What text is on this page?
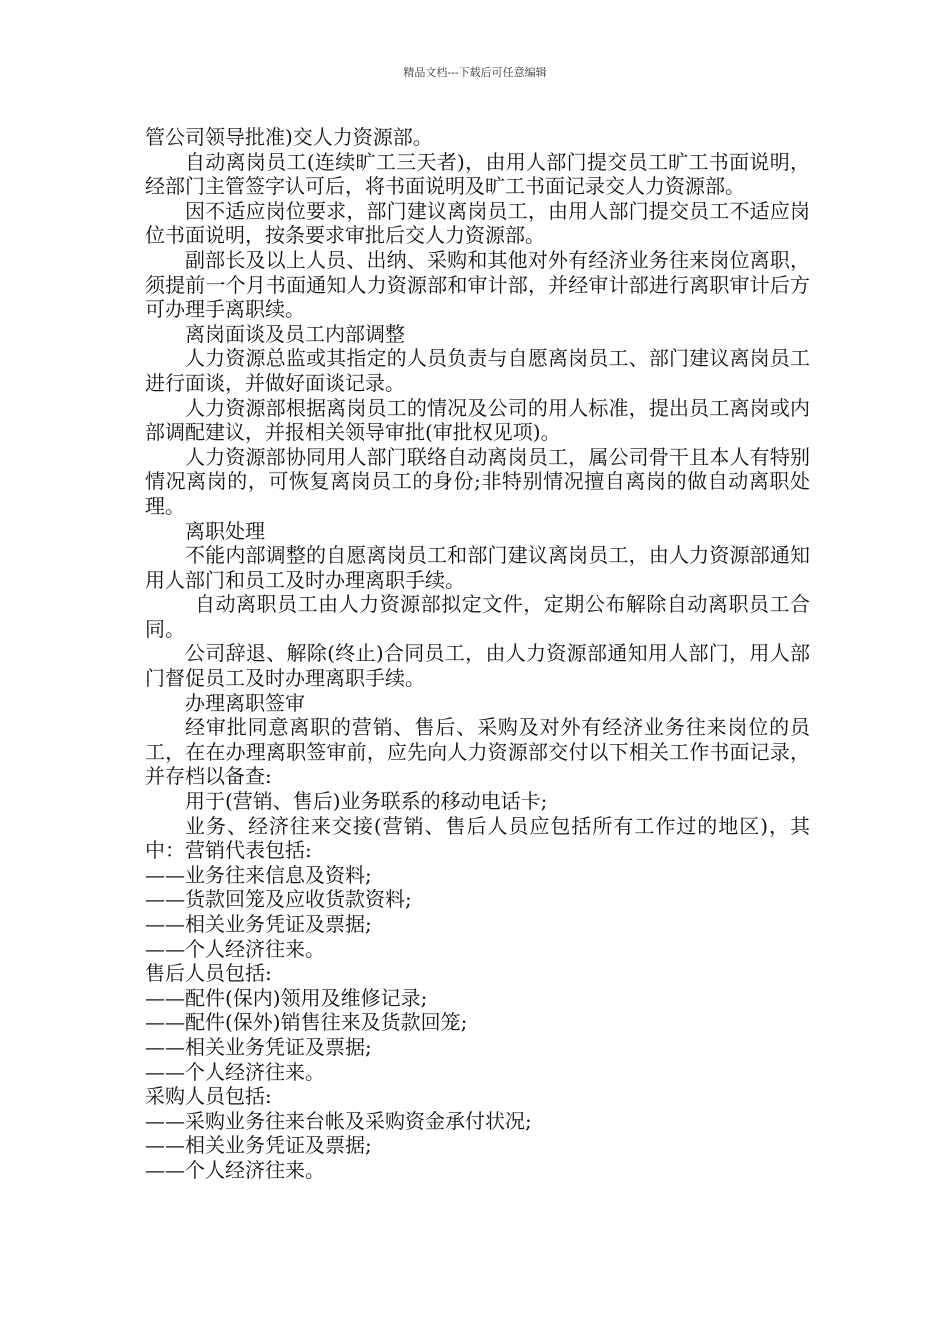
精品文档---下载后可任意编辑

管公司领导批准)交人力资源部。

自动离岗员工(连续旷工三天者)，由用人部门提交员工旷工书面说明，经部门主管签字认可后，将书面说明及旷工书面记录交人力资源部。

因不适应岗位要求，部门建议离岗员工，由用人部门提交员工不适应岗位书面说明，按条要求审批后交人力资源部。

副部长及以上人员、出纳、采购和其他对外有经济业务往来岗位离职，须提前一个月书面通知人力资源部和审计部，并经审计部进行离职审计后方可办理手离职续。

离岗面谈及员工内部调整

人力资源总监或其指定的人员负责与自愿离岗员工、部门建议离岗员工进行面谈，并做好面谈记录。

人力资源部根据离岗员工的情况及公司的用人标准，提出员工离岗或内部调配建议，并报相关领导审批(审批权见项)。

人力资源部协同用人部门联络自动离岗员工，属公司骨干且本人有特别情况离岗的，可恢复离岗员工的身份;非特别情况擅自离岗的做自动离职处理。

离职处理

不能内部调整的自愿离岗员工和部门建议离岗员工，由人力资源部通知用人部门和员工及时办理离职手续。

自动离职员工由人力资源部拟定文件，定期公布解除自动离职员工合同。

公司辞退、解除(终止)合同员工，由人力资源部通知用人部门，用人部门督促员工及时办理离职手续。

办理离职签审

经审批同意离职的营销、售后、采购及对外有经济业务往来岗位的员工，在在办理离职签审前，应先向人力资源部交付以下相关工作书面记录，并存档以备查:

用于(营销、售后)业务联系的移动电话卡;

业务、经济往来交接(营销、售后人员应包括所有工作过的地区)，其中：营销代表包括:

——业务往来信息及资料;

——货款回笼及应收货款资料;

——相关业务凭证及票据;

——个人经济往来。

售后人员包括:

——配件(保内)领用及维修记录;

——配件(保外)销售往来及货款回笼;

——相关业务凭证及票据;

——个人经济往来。

采购人员包括:

——采购业务往来台帐及采购资金承付状况;

——相关业务凭证及票据;

——个人经济往来。
